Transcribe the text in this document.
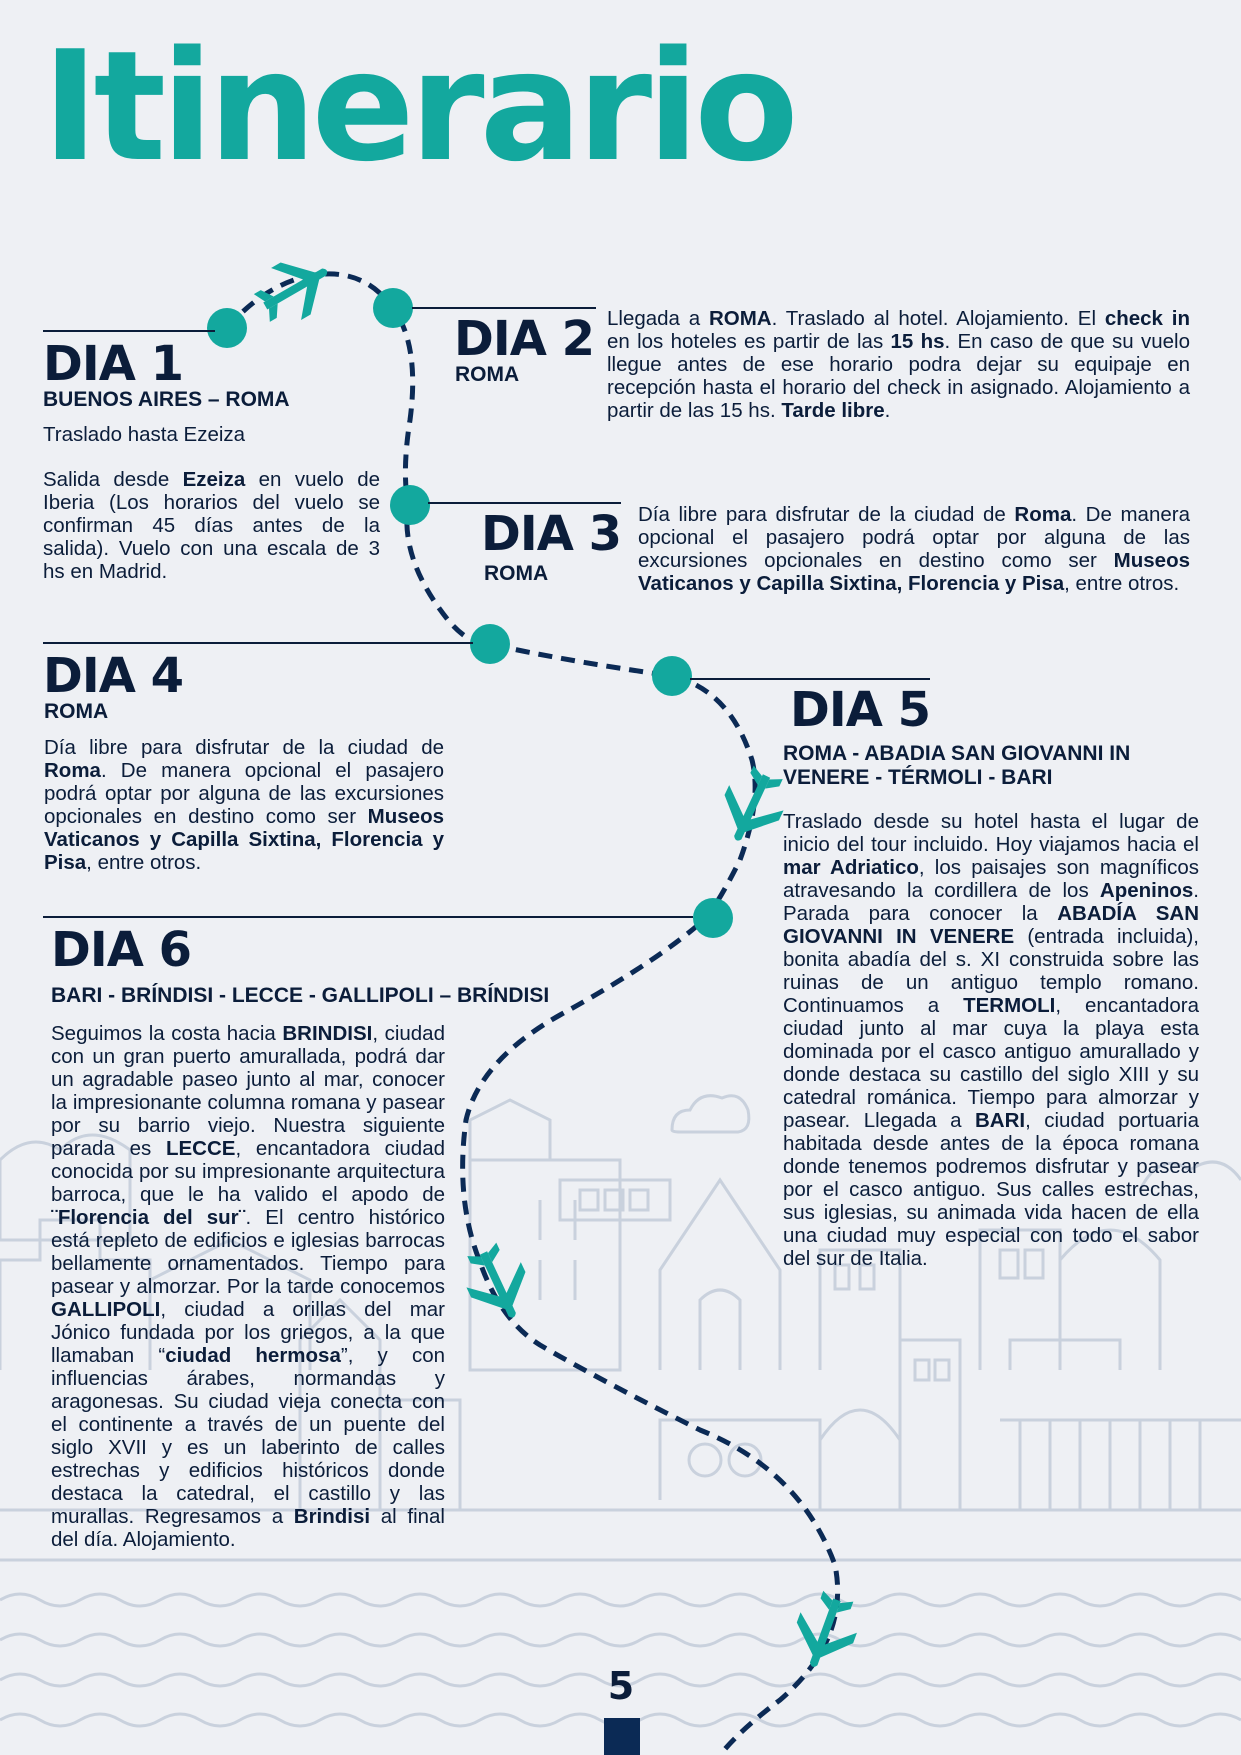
Itinerario
DIA 1
BUENOS AIRES – ROMA

Traslado hasta Ezeiza

Salida desde Ezeiza en vuelo de Iberia (Los horarios del vuelo se confirman 45 días antes de la salida). Vuelo con una escala de 3 hs en Madrid.

DIA 2
ROMA

Llegada a ROMA. Traslado al hotel. Alojamiento. El check in en los hoteles es partir de las 15 hs. En caso de que su vuelo llegue antes de ese horario podra dejar su equipaje en recepción hasta el horario del check in asignado. Alojamiento a partir de las 15 hs. Tarde libre.

DIA 3
ROMA

Día libre para disfrutar de la ciudad de Roma. De manera opcional el pasajero podrá optar por alguna de las excursiones opcionales en destino como ser Museos Vaticanos y Capilla Sixtina, Florencia y Pisa, entre otros.

DIA 4
ROMA

Día libre para disfrutar de la ciudad de Roma. De manera opcional el pasajero podrá optar por alguna de las excursiones opcionales en destino como ser Museos Vaticanos y Capilla Sixtina, Florencia y Pisa, entre otros.

DIA 5
ROMA - ABADIA SAN GIOVANNI IN VENERE - TÉRMOLI - BARI

Traslado desde su hotel hasta el lugar de inicio del tour incluido. Hoy viajamos hacia el mar Adriatico, los paisajes son magníficos atravesando la cordillera de los Apeninos. Parada para conocer la ABADÍA SAN GIOVANNI IN VENERE (entrada incluida), bonita abadía del s. XI construida sobre las ruinas de un antiguo templo romano. Continuamos a TERMOLI, encantadora ciudad junto al mar cuya la playa esta dominada por el casco antiguo amurallado y donde destaca su castillo del siglo XIII y su catedral románica. Tiempo para almorzar y pasear. Llegada a BARI, ciudad portuaria habitada desde antes de la época romana donde tenemos podremos disfrutar y pasear por el casco antiguo. Sus calles estrechas, sus iglesias, su animada vida hacen de ella una ciudad muy especial con todo el sabor del sur de Italia.

DIA 6
BARI - BRÍNDISI - LECCE - GALLIPOLI – BRÍNDISI

Seguimos la costa hacia BRINDISI, ciudad con un gran puerto amurallada, podrá dar un agradable paseo junto al mar, conocer la impresionante columna romana y pasear por su barrio viejo. Nuestra siguiente parada es LECCE, encantadora ciudad conocida por su impresionante arquitectura barroca, que le ha valido el apodo de ¨Florencia del sur¨. El centro histórico está repleto de edificios e iglesias barrocas bellamente ornamentados. Tiempo para pasear y almorzar. Por la tarde conocemos GALLIPOLI, ciudad a orillas del mar Jónico fundada por los griegos, a la que llamaban “ciudad hermosa”, y con influencias árabes, normandas y aragonesas. Su ciudad vieja conecta con el continente a través de un puente del siglo XVII y es un laberinto de calles estrechas y edificios históricos donde destaca la catedral, el castillo y las murallas. Regresamos a Brindisi al final del día. Alojamiento.

5
